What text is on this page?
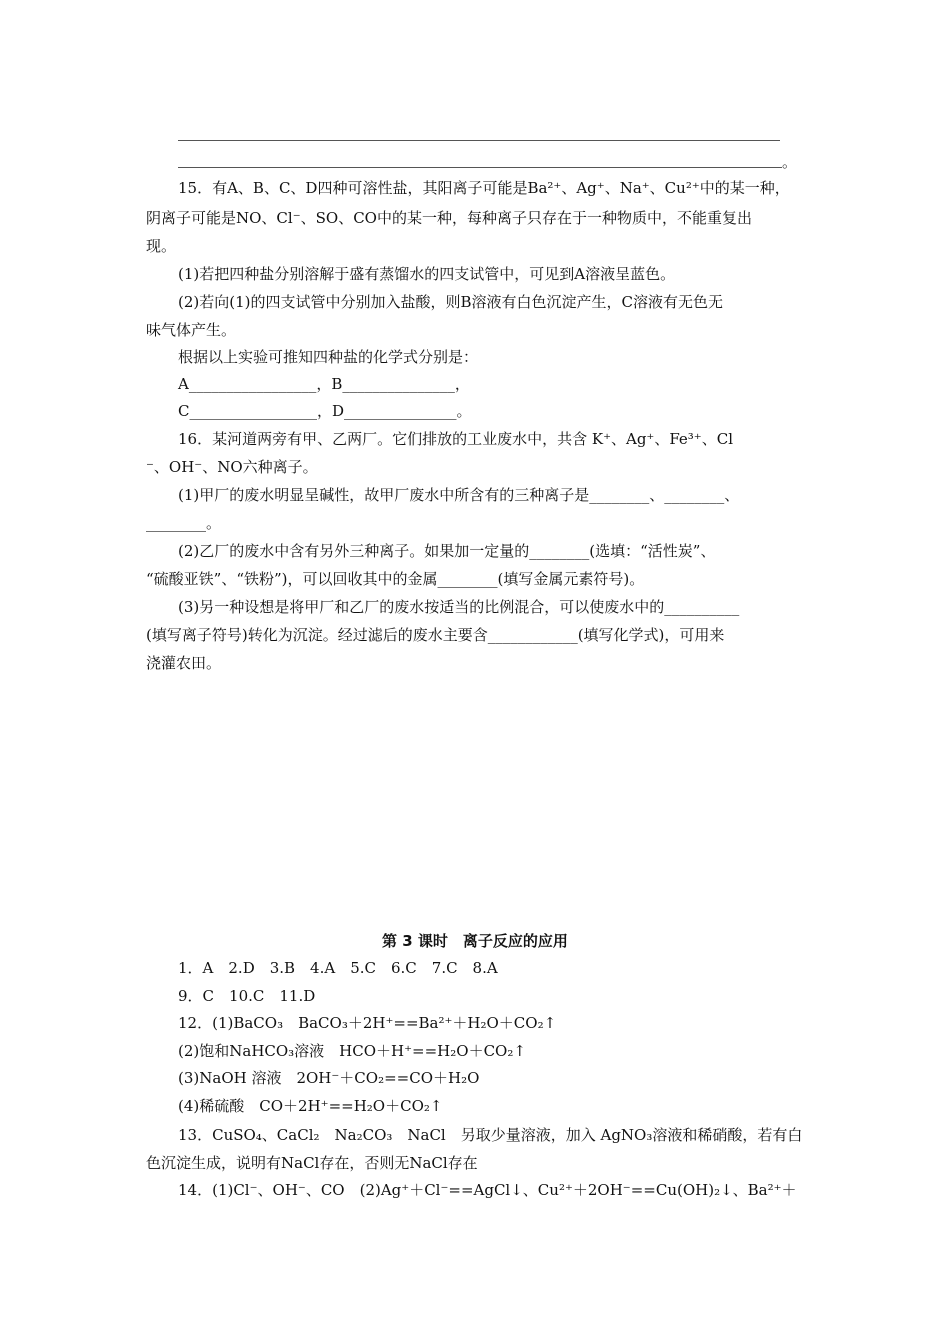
。
15．有A、B、C、D四种可溶性盐，其阳离子可能是Ba²⁺、Ag⁺、Na⁺、Cu²⁺中的某一种，
阴离子可能是NO、Cl⁻、SO、CO中的某一种，每种离子只存在于一种物质中，不能重复出
现。
(1)若把四种盐分别溶解于盛有蒸馏水的四支试管中，可见到A溶液呈蓝色。
(2)若向(1)的四支试管中分别加入盐酸，则B溶液有白色沉淀产生，C溶液有无色无
味气体产生。
根据以上实验可推知四种盐的化学式分别是：
A_________________，B_______________，
C_________________，D_______________。
16．某河道两旁有甲、乙两厂。它们排放的工业废水中，共含 K⁺、Ag⁺、Fe³⁺、Cl
⁻、OH⁻、NO六种离子。
(1)甲厂的废水明显呈碱性，故甲厂废水中所含有的三种离子是________、________、
________。
(2)乙厂的废水中含有另外三种离子。如果加一定量的________(选填：“活性炭”、
“硫酸亚铁”、“铁粉”)，可以回收其中的金属________(填写金属元素符号)。
(3)另一种设想是将甲厂和乙厂的废水按适当的比例混合，可以使废水中的__________
(填写离子符号)转化为沉淀。经过滤后的废水主要含____________(填写化学式)，可用来
浇灌农田。
第 3 课时　离子反应的应用
1．A　2.D　3.B　4.A　5.C　6.C　7.C　8.A
9．C　10.C　11.D
12．(1)BaCO₃　BaCO₃＋2H⁺==Ba²⁺＋H₂O＋CO₂↑
(2)饱和NaHCO₃溶液　HCO＋H⁺==H₂O＋CO₂↑
(3)NaOH 溶液　2OH⁻＋CO₂==CO＋H₂O
(4)稀硫酸　CO＋2H⁺==H₂O＋CO₂↑
13．CuSO₄、CaCl₂　Na₂CO₃　NaCl　另取少量溶液，加入 AgNO₃溶液和稀硝酸，若有白
色沉淀生成，说明有NaCl存在，否则无NaCl存在
14．(1)Cl⁻、OH⁻、CO　(2)Ag⁺＋Cl⁻==AgCl↓、Cu²⁺＋2OH⁻==Cu(OH)₂↓、Ba²⁺＋
